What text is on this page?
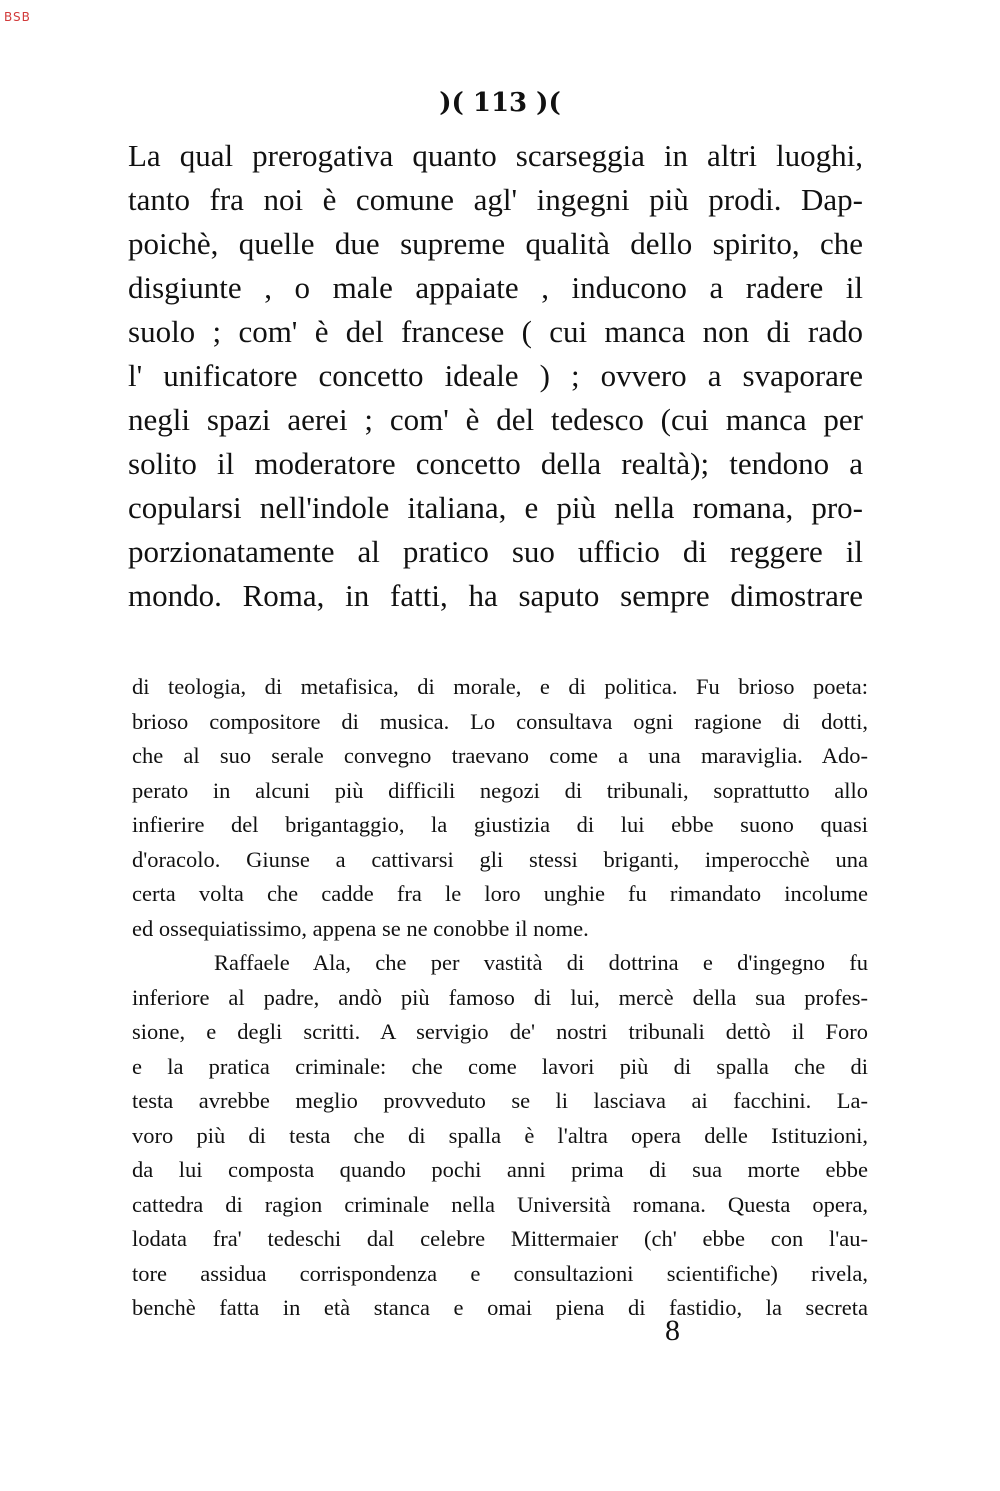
BSB
)( 113 )(
La qual prerogativa quanto scarseggia in altri luoghi,
tanto fra noi è comune agl' ingegni più prodi. Dap-
poichè, quelle due supreme qualità dello spirito, che
disgiunte , o male appaiate , inducono a radere il
suolo ; com' è del francese ( cui manca non di rado
l' unificatore concetto ideale ) ; ovvero a svaporare
negli spazi aerei ; com' è del tedesco (cui manca per
solito il moderatore concetto della realtà); tendono a
copularsi nell'indole italiana, e più nella romana, pro-
porzionatamente al pratico suo ufficio di reggere il
mondo. Roma, in fatti, ha saputo sempre dimostrare
di teologia, di metafisica, di morale, e di politica. Fu brioso poeta:
brioso compositore di musica. Lo consultava ogni ragione di dotti,
che al suo serale convegno traevano come a una maraviglia. Ado-
perato in alcuni più difficili negozi di tribunali, soprattutto allo
infierire del brigantaggio, la giustizia di lui ebbe suono quasi
d'oracolo. Giunse a cattivarsi gli stessi briganti, imperocchè una
certa volta che cadde fra le loro unghie fu rimandato incolume
ed ossequiatissimo, appena se ne conobbe il nome.
Raffaele Ala, che per vastità di dottrina e d'ingegno fu
inferiore al padre, andò più famoso di lui, mercè della sua profes-
sione, e degli scritti. A servigio de' nostri tribunali dettò il Foro
e la pratica criminale: che come lavori più di spalla che di
testa avrebbe meglio provveduto se li lasciava ai facchini. La-
voro più di testa che di spalla è l'altra opera delle Istituzioni,
da lui composta quando pochi anni prima di sua morte ebbe
cattedra di ragion criminale nella Università romana. Questa opera,
lodata fra' tedeschi dal celebre Mittermaier (ch' ebbe con l'au-
tore assidua corrispondenza e consultazioni scientifiche) rivela,
benchè fatta in età stanca e omai piena di fastidio, la secreta
8
